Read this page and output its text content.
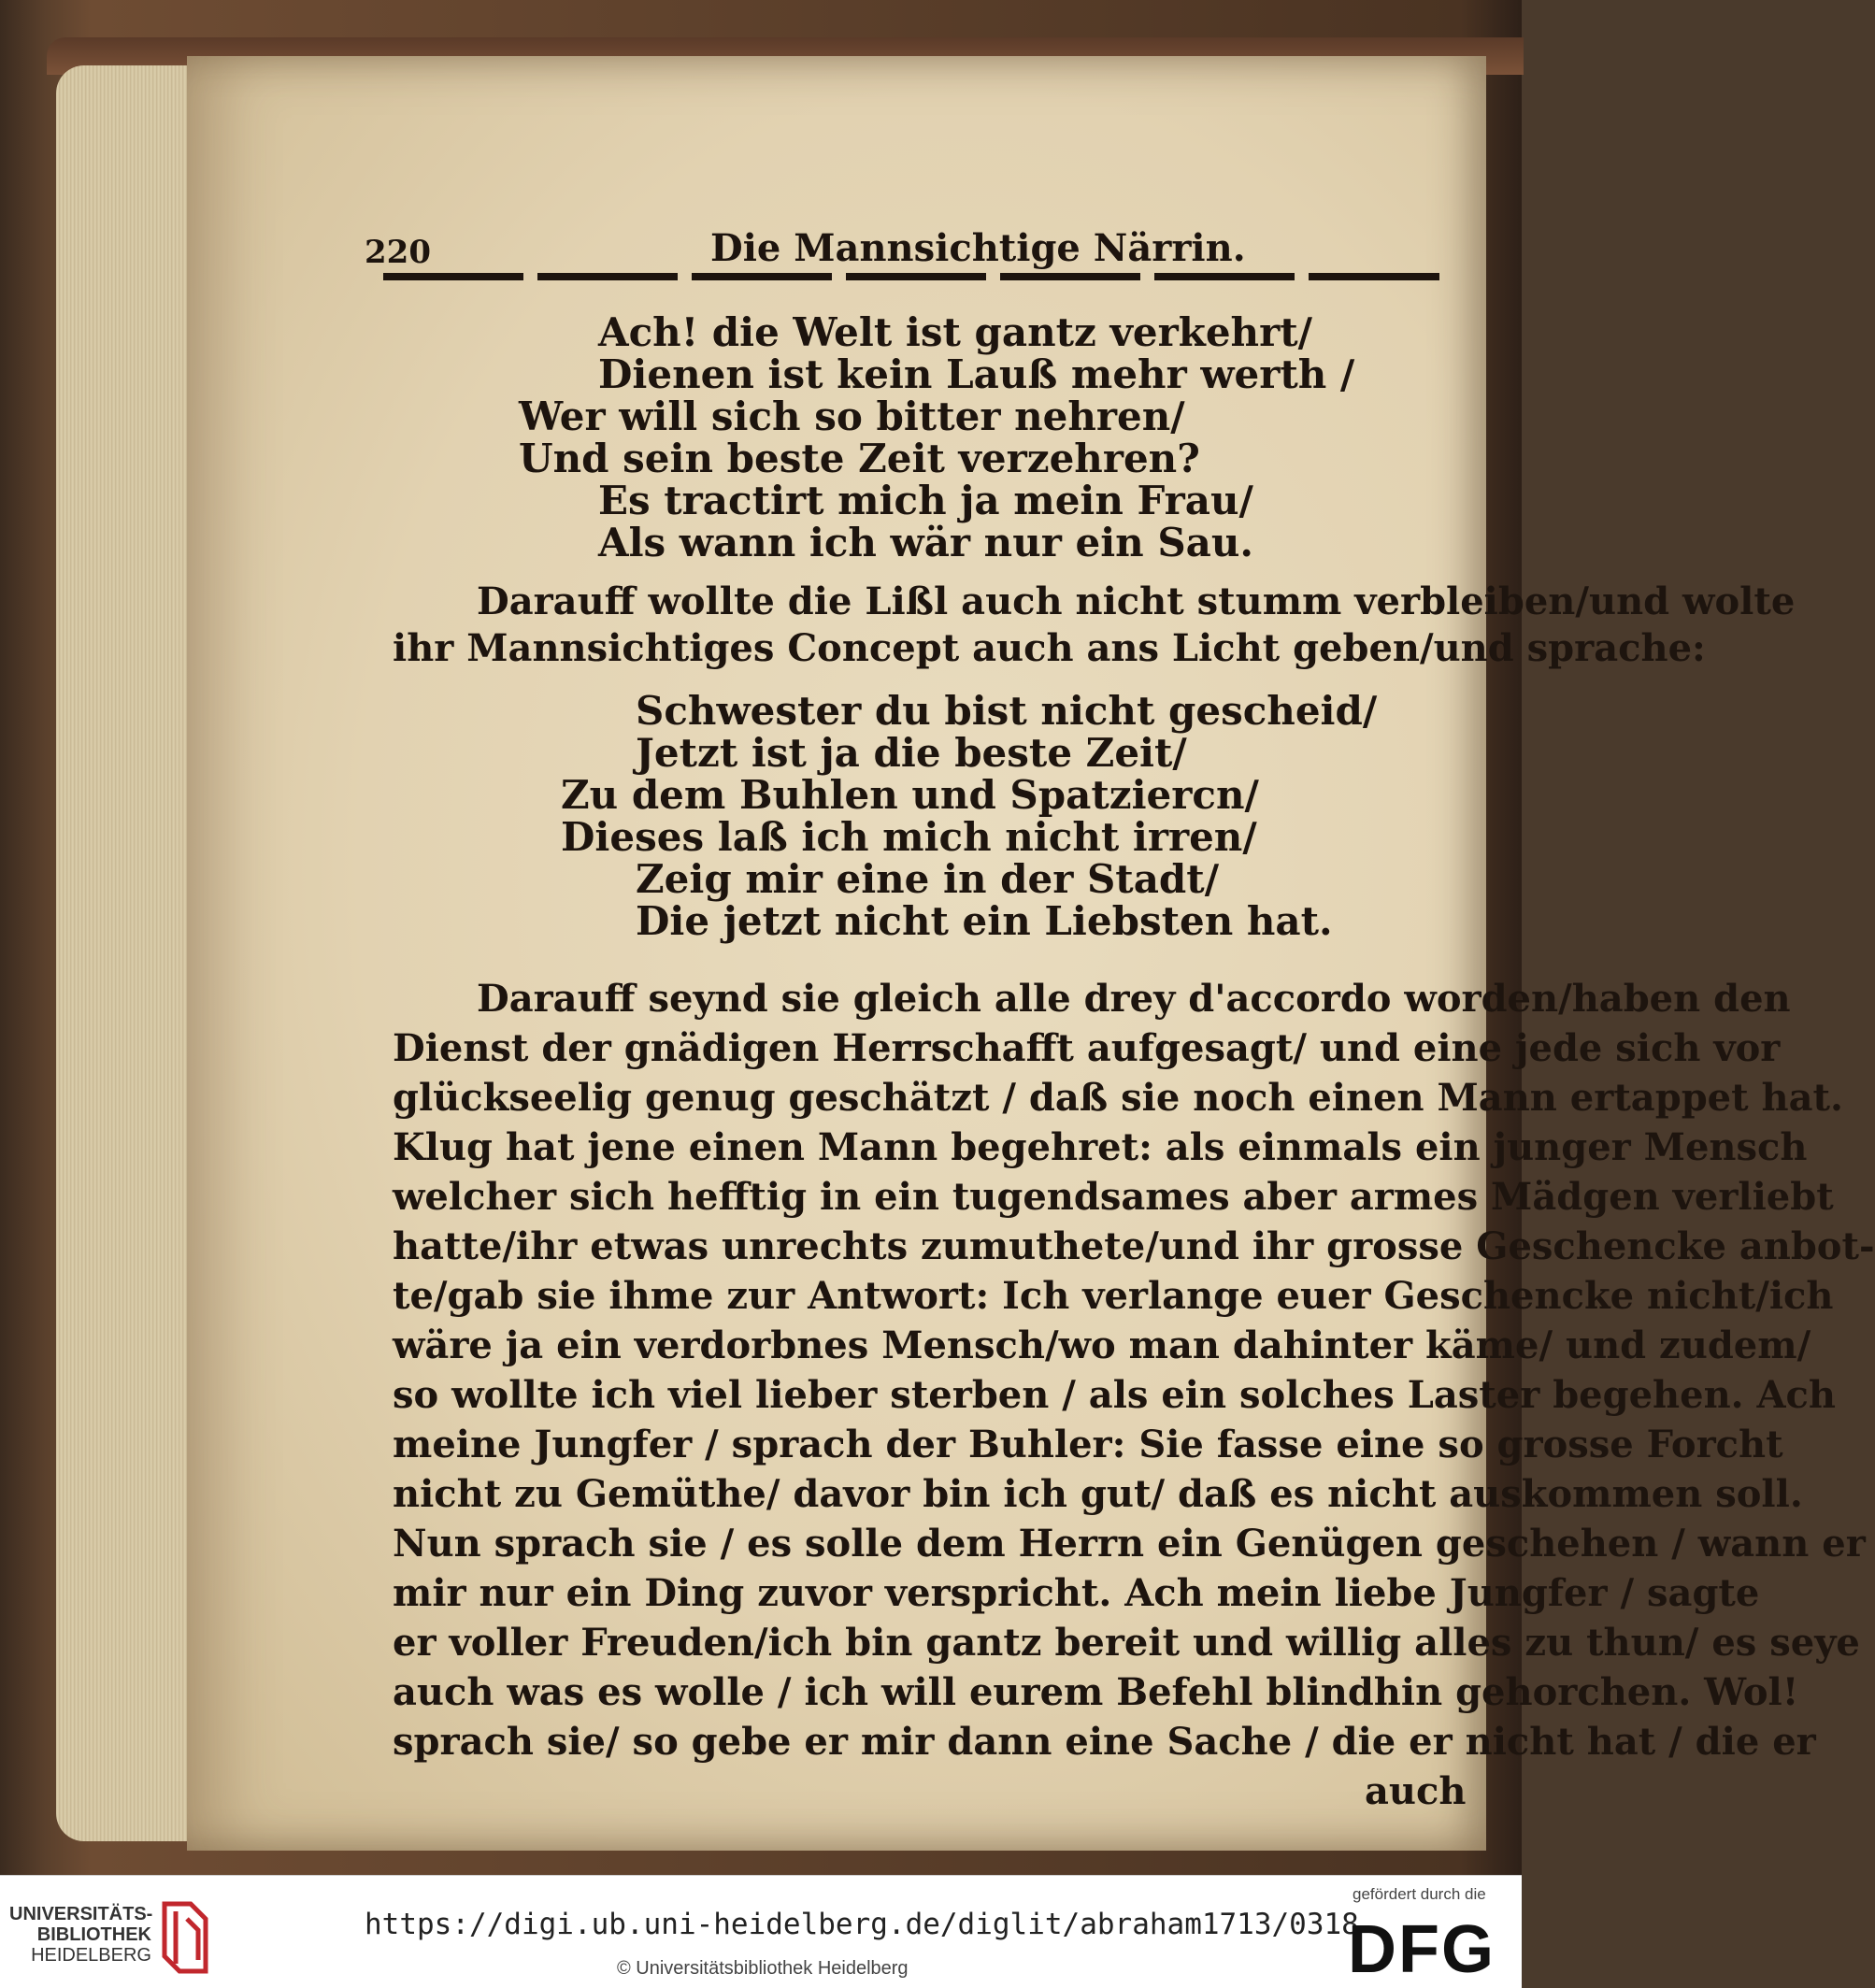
220	Die Mannsichtige Närrin.
Ach! die Welt ist gantz verkehrt/
Dienen ist kein Lauß mehr werth /
Wer will sich so bitter nehren/
Und sein beste Zeit verzehren?
Es tractirt mich ja mein Frau/
Als wann ich wär nur ein Sau.
Darauff wollte die Lißl auch nicht stumm verbleiben/und wolte
ihr Mannsichtiges Concept auch ans Licht geben/und sprache:
Schwester du bist nicht gescheid/
Jetzt ist ja die beste Zeit/
Zu dem Buhlen und Spatziercn/
Dieses laß ich mich nicht irren/
Zeig mir eine in der Stadt/
Die jetzt nicht ein Liebsten hat.
Darauff seynd sie gleich alle drey d'accordo worden/haben den
Dienst der gnädigen Herrschafft aufgesagt/ und eine jede sich vor
glückseelig genug geschätzt / daß sie noch einen Mann ertappet hat.
Klug hat jene einen Mann begehret: als einmals ein junger Mensch
welcher sich hefftig in ein tugendsames aber armes Mädgen verliebt
hatte/ihr etwas unrechts zumuthete/und ihr grosse Geschencke anbot-
te/gab sie ihme zur Antwort: Ich verlange euer Geschencke nicht/ich
wäre ja ein verdorbnes Mensch/wo man dahinter käme/ und zudem/
so wollte ich viel lieber sterben / als ein solches Laster begehen. Ach
meine Jungfer / sprach der Buhler: Sie fasse eine so grosse Forcht
nicht zu Gemüthe/ davor bin ich gut/ daß es nicht auskommen soll.
Nun sprach sie / es solle dem Herrn ein Genügen geschehen / wann er
mir nur ein Ding zuvor verspricht. Ach mein liebe Jungfer / sagte
er voller Freuden/ich bin gantz bereit und willig alles zu thun/ es seye
auch was es wolle / ich will eurem Befehl blindhin gehorchen. Wol!
sprach sie/ so gebe er mir dann eine Sache / die er nicht hat / die er
auch
UNIVERSITÄTS-
BIBLIOTHEK
HEIDELBERG
https://digi.ub.uni-heidelberg.de/diglit/abraham1713/0318
© Universitätsbibliothek Heidelberg
gefördert durch die
DFG
